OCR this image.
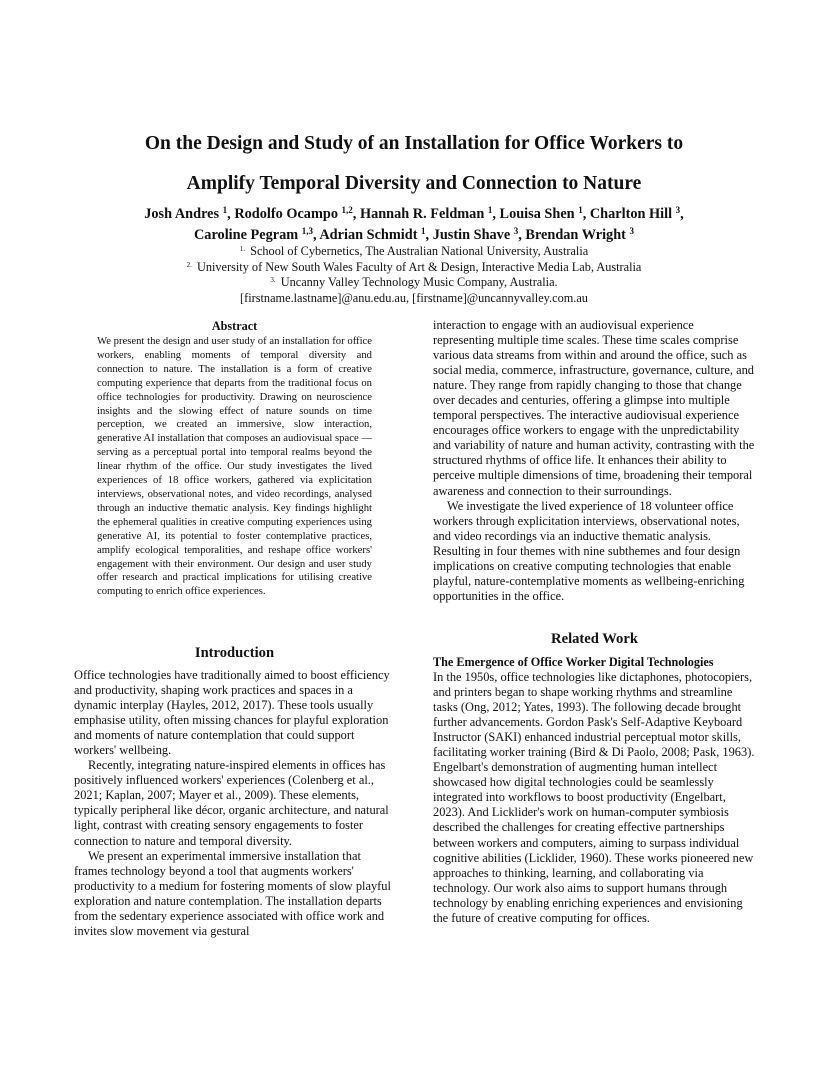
On the Design and Study of an Installation for Office Workers to
Amplify Temporal Diversity and Connection to Nature
Josh Andres $^1$, Rodolfo Ocampo $^{1,2}$, Hannah R. Feldman $^1$, Louisa Shen $^1$, Charlton Hill $^3$,
Caroline Pegram $^{1,3}$, Adrian Schmidt $^1$, Justin Shave $^3$, Brendan Wright $^3$
$^{1.}$ School of Cybernetics, The Australian National University, Australia
$^{2.}$ University of New South Wales Faculty of Art & Design, Interactive Media Lab, Australia
$^{3.}$ Uncanny Valley Technology Music Company, Australia.
[firstname.lastname]@anu.edu.au, [firstname]@uncannyvalley.com.au
Abstract
We present the design and user study of an installation for office workers, enabling moments of temporal diversity and connection to nature. The installation is a form of creative computing experience that departs from the traditional focus on office technologies for productivity. Drawing on neuroscience insights and the slowing effect of nature sounds on time perception, we created an immersive, slow interaction, generative AI installation that composes an audiovisual space — serving as a perceptual portal into temporal realms beyond the linear rhythm of the office. Our study investigates the lived experiences of 18 office workers, gathered via explicitation interviews, observational notes, and video recordings, analysed through an inductive thematic analysis. Key findings highlight the ephemeral qualities in creative computing experiences using generative AI, its potential to foster contemplative practices, amplify ecological temporalities, and reshape office workers' engagement with their environment. Our design and user study offer research and practical implications for utilising creative computing to enrich office experiences.
Introduction

Office technologies have traditionally aimed to boost efficiency and productivity, shaping work practices and spaces in a dynamic interplay (Hayles, 2012, 2017). These tools usually emphasise utility, often missing chances for playful exploration and moments of nature contemplation that could support workers' wellbeing.

Recently, integrating nature-inspired elements in offices has positively influenced workers' experiences (Colenberg et al., 2021; Kaplan, 2007; Mayer et al., 2009). These elements, typically peripheral like décor, organic architecture, and natural light, contrast with creating sensory engagements to foster connection to nature and temporal diversity.

We present an experimental immersive installation that frames technology beyond a tool that augments workers' productivity to a medium for fostering moments of slow playful exploration and nature contemplation. The installation departs from the sedentary experience associated with office work and invites slow movement via gestural

interaction to engage with an audiovisual experience representing multiple time scales. These time scales comprise various data streams from within and around the office, such as social media, commerce, infrastructure, governance, culture, and nature. They range from rapidly changing to those that change over decades and centuries, offering a glimpse into multiple temporal perspectives. The interactive audiovisual experience encourages office workers to engage with the unpredictability and variability of nature and human activity, contrasting with the structured rhythms of office life. It enhances their ability to perceive multiple dimensions of time, broadening their temporal awareness and connection to their surroundings.

We investigate the lived experience of 18 volunteer office workers through explicitation interviews, observational notes, and video recordings via an inductive thematic analysis. Resulting in four themes with nine subthemes and four design implications on creative computing technologies that enable playful, nature-contemplative moments as wellbeing-enriching opportunities in the office.

Related Work
The Emergence of Office Worker Digital Technologies

In the 1950s, office technologies like dictaphones, photocopiers, and printers began to shape working rhythms and streamline tasks (Ong, 2012; Yates, 1993). The following decade brought further advancements. Gordon Pask's Self-Adaptive Keyboard Instructor (SAKI) enhanced industrial perceptual motor skills, facilitating worker training (Bird & Di Paolo, 2008; Pask, 1963). Engelbart's demonstration of augmenting human intellect showcased how digital technologies could be seamlessly integrated into workflows to boost productivity (Engelbart, 2023). And Licklider's work on human-computer symbiosis described the challenges for creating effective partnerships between workers and computers, aiming to surpass individual cognitive abilities (Licklider, 1960). These works pioneered new approaches to thinking, learning, and collaborating via technology. Our work also aims to support humans through technology by enabling enriching experiences and envisioning the future of creative computing for offices.
